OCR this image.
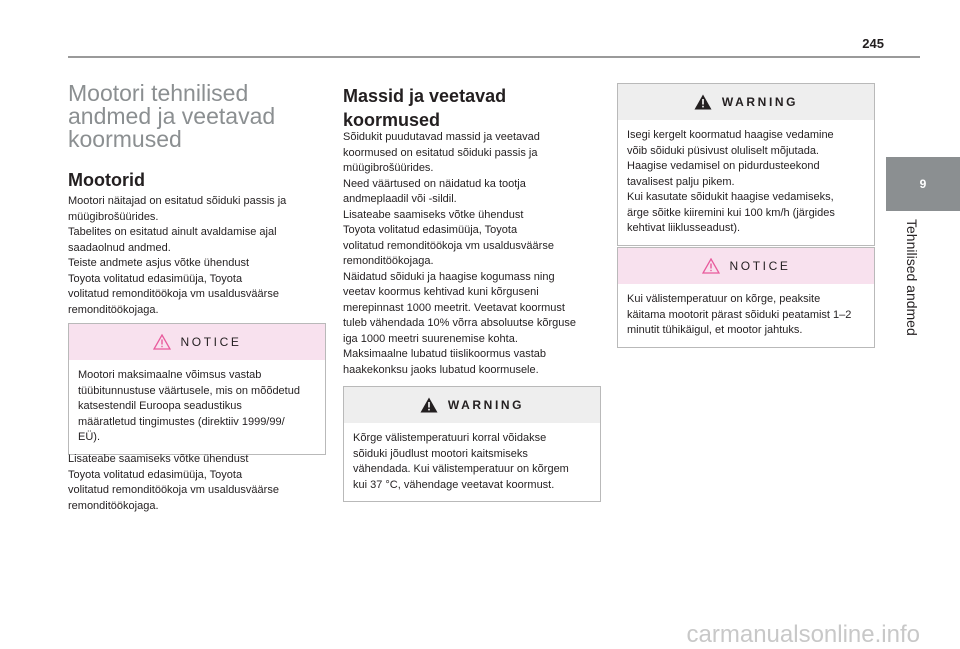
245
9
Tehnilised andmed
Mootori tehnilised
andmed ja veetavad
koormused
Mootorid
Mootori näitajad on esitatud sõiduki passis ja
müügibrošüürides.
Tabelites on esitatud ainult avaldamise ajal
saadaolnud andmed.
Teiste andmete asjus võtke ühendust
Toyota volitatud edasimüüja, Toyota
volitatud remonditöökoja vm usaldusväärse
remonditöökojaga.
NOTICE
Mootori maksimaalne võimsus vastab
tüübitunnustuse väärtusele, mis on mõõdetud
katsestendil Euroopa seadustikus
määratletud tingimustes (direktiiv 1999/99/
EÜ).
Lisateabe saamiseks võtke ühendust
Toyota volitatud edasimüüja, Toyota
volitatud remonditöökoja vm usaldusväärse
remonditöökojaga.
Massid ja veetavad
koormused
Sõidukit puudutavad massid ja veetavad
koormused on esitatud sõiduki passis ja
müügibrošüürides.
Need väärtused on näidatud ka tootja
andmeplaadil või -sildil.
Lisateabe saamiseks võtke ühendust
Toyota volitatud edasimüüja, Toyota
volitatud remonditöökoja vm usaldusväärse
remonditöökojaga.
Näidatud sõiduki ja haagise kogumass ning
veetav koormus kehtivad kuni kõrguseni
merepinnast 1000 meetrit. Veetavat koormust
tuleb vähendada 10% võrra absoluutse kõrguse
iga 1000 meetri suurenemise kohta.
Maksimaalne lubatud tiislikoormus vastab
haakekonksu jaoks lubatud koormusele.
WARNING
Kõrge välistemperatuuri korral võidakse
sõiduki jõudlust mootori kaitsmiseks
vähendada. Kui välistemperatuur on kõrgem
kui 37 °C, vähendage veetavat koormust.
WARNING
Isegi kergelt koormatud haagise vedamine
võib sõiduki püsivust oluliselt mõjutada.
Haagise vedamisel on pidurdusteekond
tavalisest palju pikem.
Kui kasutate sõidukit haagise vedamiseks,
ärge sõitke kiiremini kui 100 km/h (järgides
kehtivat liiklusseadust).
NOTICE
Kui välistemperatuur on kõrge, peaksite
käitama mootorit pärast sõiduki peatamist 1–2
minutit tühikäigul, et mootor jahtuks.
carmanualsonline.info
